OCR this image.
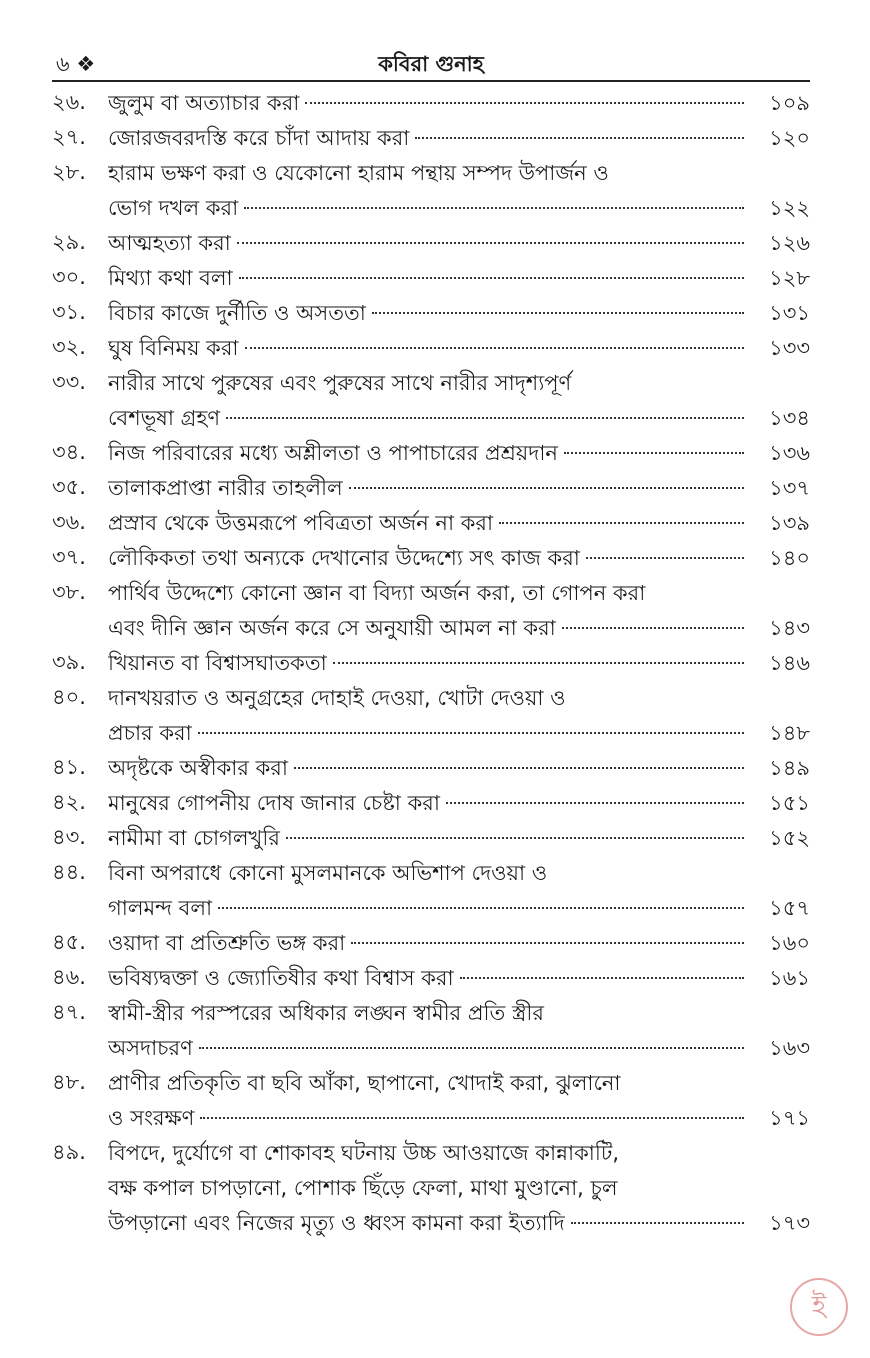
৬ ❖	কবিরা গুনাহ
২৬.	জুলুম বা অত্যাচার করা	১০৯
২৭.	জোরজবরদস্তি করে চাঁদা আদায় করা	১২০
২৮.	হারাম ভক্ষণ করা ও যেকোনো হারাম পন্থায় সম্পদ উপার্জন ও
ভোগ দখল করা	১২২
২৯.	আত্মহত্যা করা	১২৬
৩০.	মিথ্যা কথা বলা	১২৮
৩১.	বিচার কাজে দুর্নীতি ও অসততা	১৩১
৩২.	ঘুষ বিনিময় করা	১৩৩
৩৩.	নারীর সাথে পুরুষের এবং পুরুষের সাথে নারীর সাদৃশ্যপূর্ণ
বেশভূষা গ্রহণ	১৩৪
৩৪.	নিজ পরিবারের মধ্যে অশ্লীলতা ও পাপাচারের প্রশ্রয়দান	১৩৬
৩৫.	তালাকপ্রাপ্তা নারীর তাহলীল	১৩৭
৩৬.	প্রস্রাব থেকে উত্তমরূপে পবিত্রতা অর্জন না করা	১৩৯
৩৭.	লৌকিকতা তথা অন্যকে দেখানোর উদ্দেশ্যে সৎ কাজ করা	১৪০
৩৮.	পার্থিব উদ্দেশ্যে কোনো জ্ঞান বা বিদ্যা অর্জন করা, তা গোপন করা
এবং দীনি জ্ঞান অর্জন করে সে অনুযায়ী আমল না করা	১৪৩
৩৯.	খিয়ানত বা বিশ্বাসঘাতকতা	১৪৬
৪০.	দানখয়রাত ও অনুগ্রহের দোহাই দেওয়া, খোটা দেওয়া ও
প্রচার করা	১৪৮
৪১.	অদৃষ্টকে অস্বীকার করা	১৪৯
৪২.	মানুষের গোপনীয় দোষ জানার চেষ্টা করা	১৫১
৪৩.	নামীমা বা চোগলখুরি	১৫২
৪৪.	বিনা অপরাধে কোনো মুসলমানকে অভিশাপ দেওয়া ও
গালমন্দ বলা	১৫৭
৪৫.	ওয়াদা বা প্রতিশ্রুতি ভঙ্গ করা	১৬০
৪৬.	ভবিষ্যদ্বক্তা ও জ্যোতিষীর কথা বিশ্বাস করা	১৬১
৪৭.	স্বামী-স্ত্রীর পরস্পরের অধিকার লঙ্ঘন স্বামীর প্রতি স্ত্রীর
অসদাচরণ	১৬৩
৪৮.	প্রাণীর প্রতিকৃতি বা ছবি আঁকা, ছাপানো, খোদাই করা, ঝুলানো
ও সংরক্ষণ	১৭১
৪৯.	বিপদে, দুর্যোগে বা শোকাবহ ঘটনায় উচ্চ আওয়াজে কান্নাকাটি,
বক্ষ কপাল চাপড়ানো, পোশাক ছিঁড়ে ফেলা, মাথা মুণ্ডানো, চুল
উপড়ানো এবং নিজের মৃত্যু ও ধ্বংস কামনা করা ইত্যাদি	১৭৩
ই
